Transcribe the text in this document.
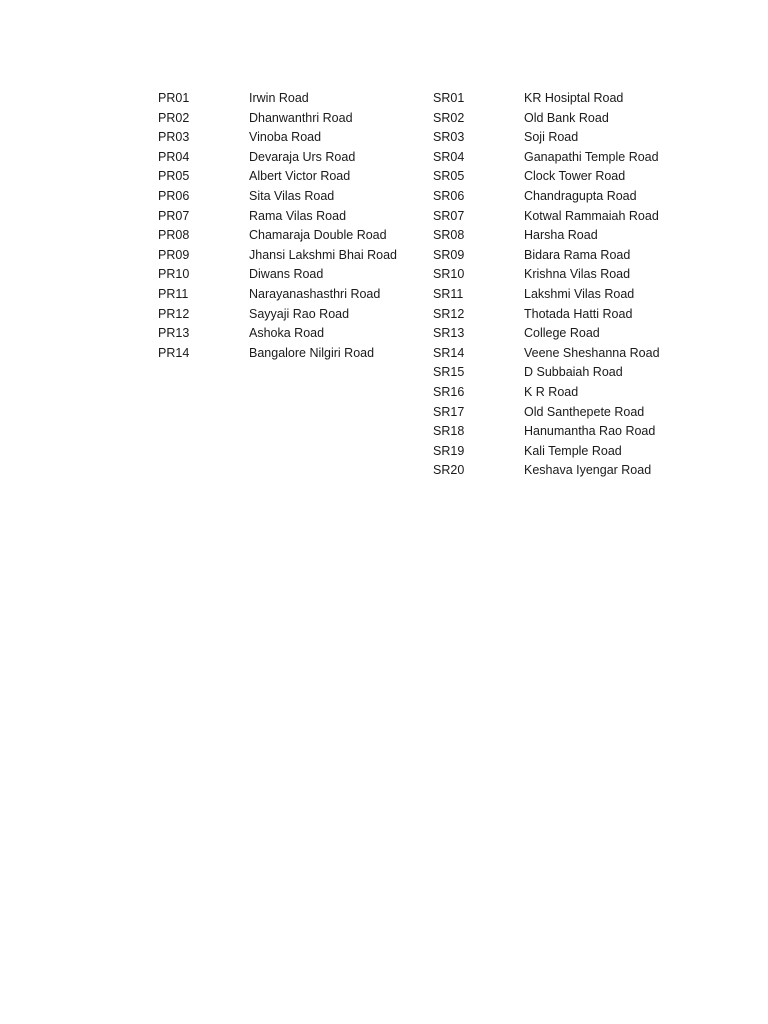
PR01	Irwin Road
PR02	Dhanwanthri Road
PR03	Vinoba Road
PR04	Devaraja Urs Road
PR05	Albert Victor Road
PR06	Sita Vilas Road
PR07	Rama Vilas Road
PR08	Chamaraja Double Road
PR09	Jhansi Lakshmi Bhai Road
PR10	Diwans Road
PR11	Narayanashasthri Road
PR12	Sayyaji Rao Road
PR13	Ashoka Road
PR14	Bangalore Nilgiri Road
SR01	KR Hosiptal Road
SR02	Old Bank Road
SR03	Soji Road
SR04	Ganapathi Temple Road
SR05	Clock Tower Road
SR06	Chandragupta Road
SR07	Kotwal Rammaiah Road
SR08	Harsha Road
SR09	Bidara Rama Road
SR10	Krishna Vilas Road
SR11	Lakshmi Vilas Road
SR12	Thotada Hatti Road
SR13	College Road
SR14	Veene Sheshanna Road
SR15	D Subbaiah Road
SR16	K R Road
SR17	Old Santhepete Road
SR18	Hanumantha Rao Road
SR19	Kali Temple Road
SR20	Keshava Iyengar Road
